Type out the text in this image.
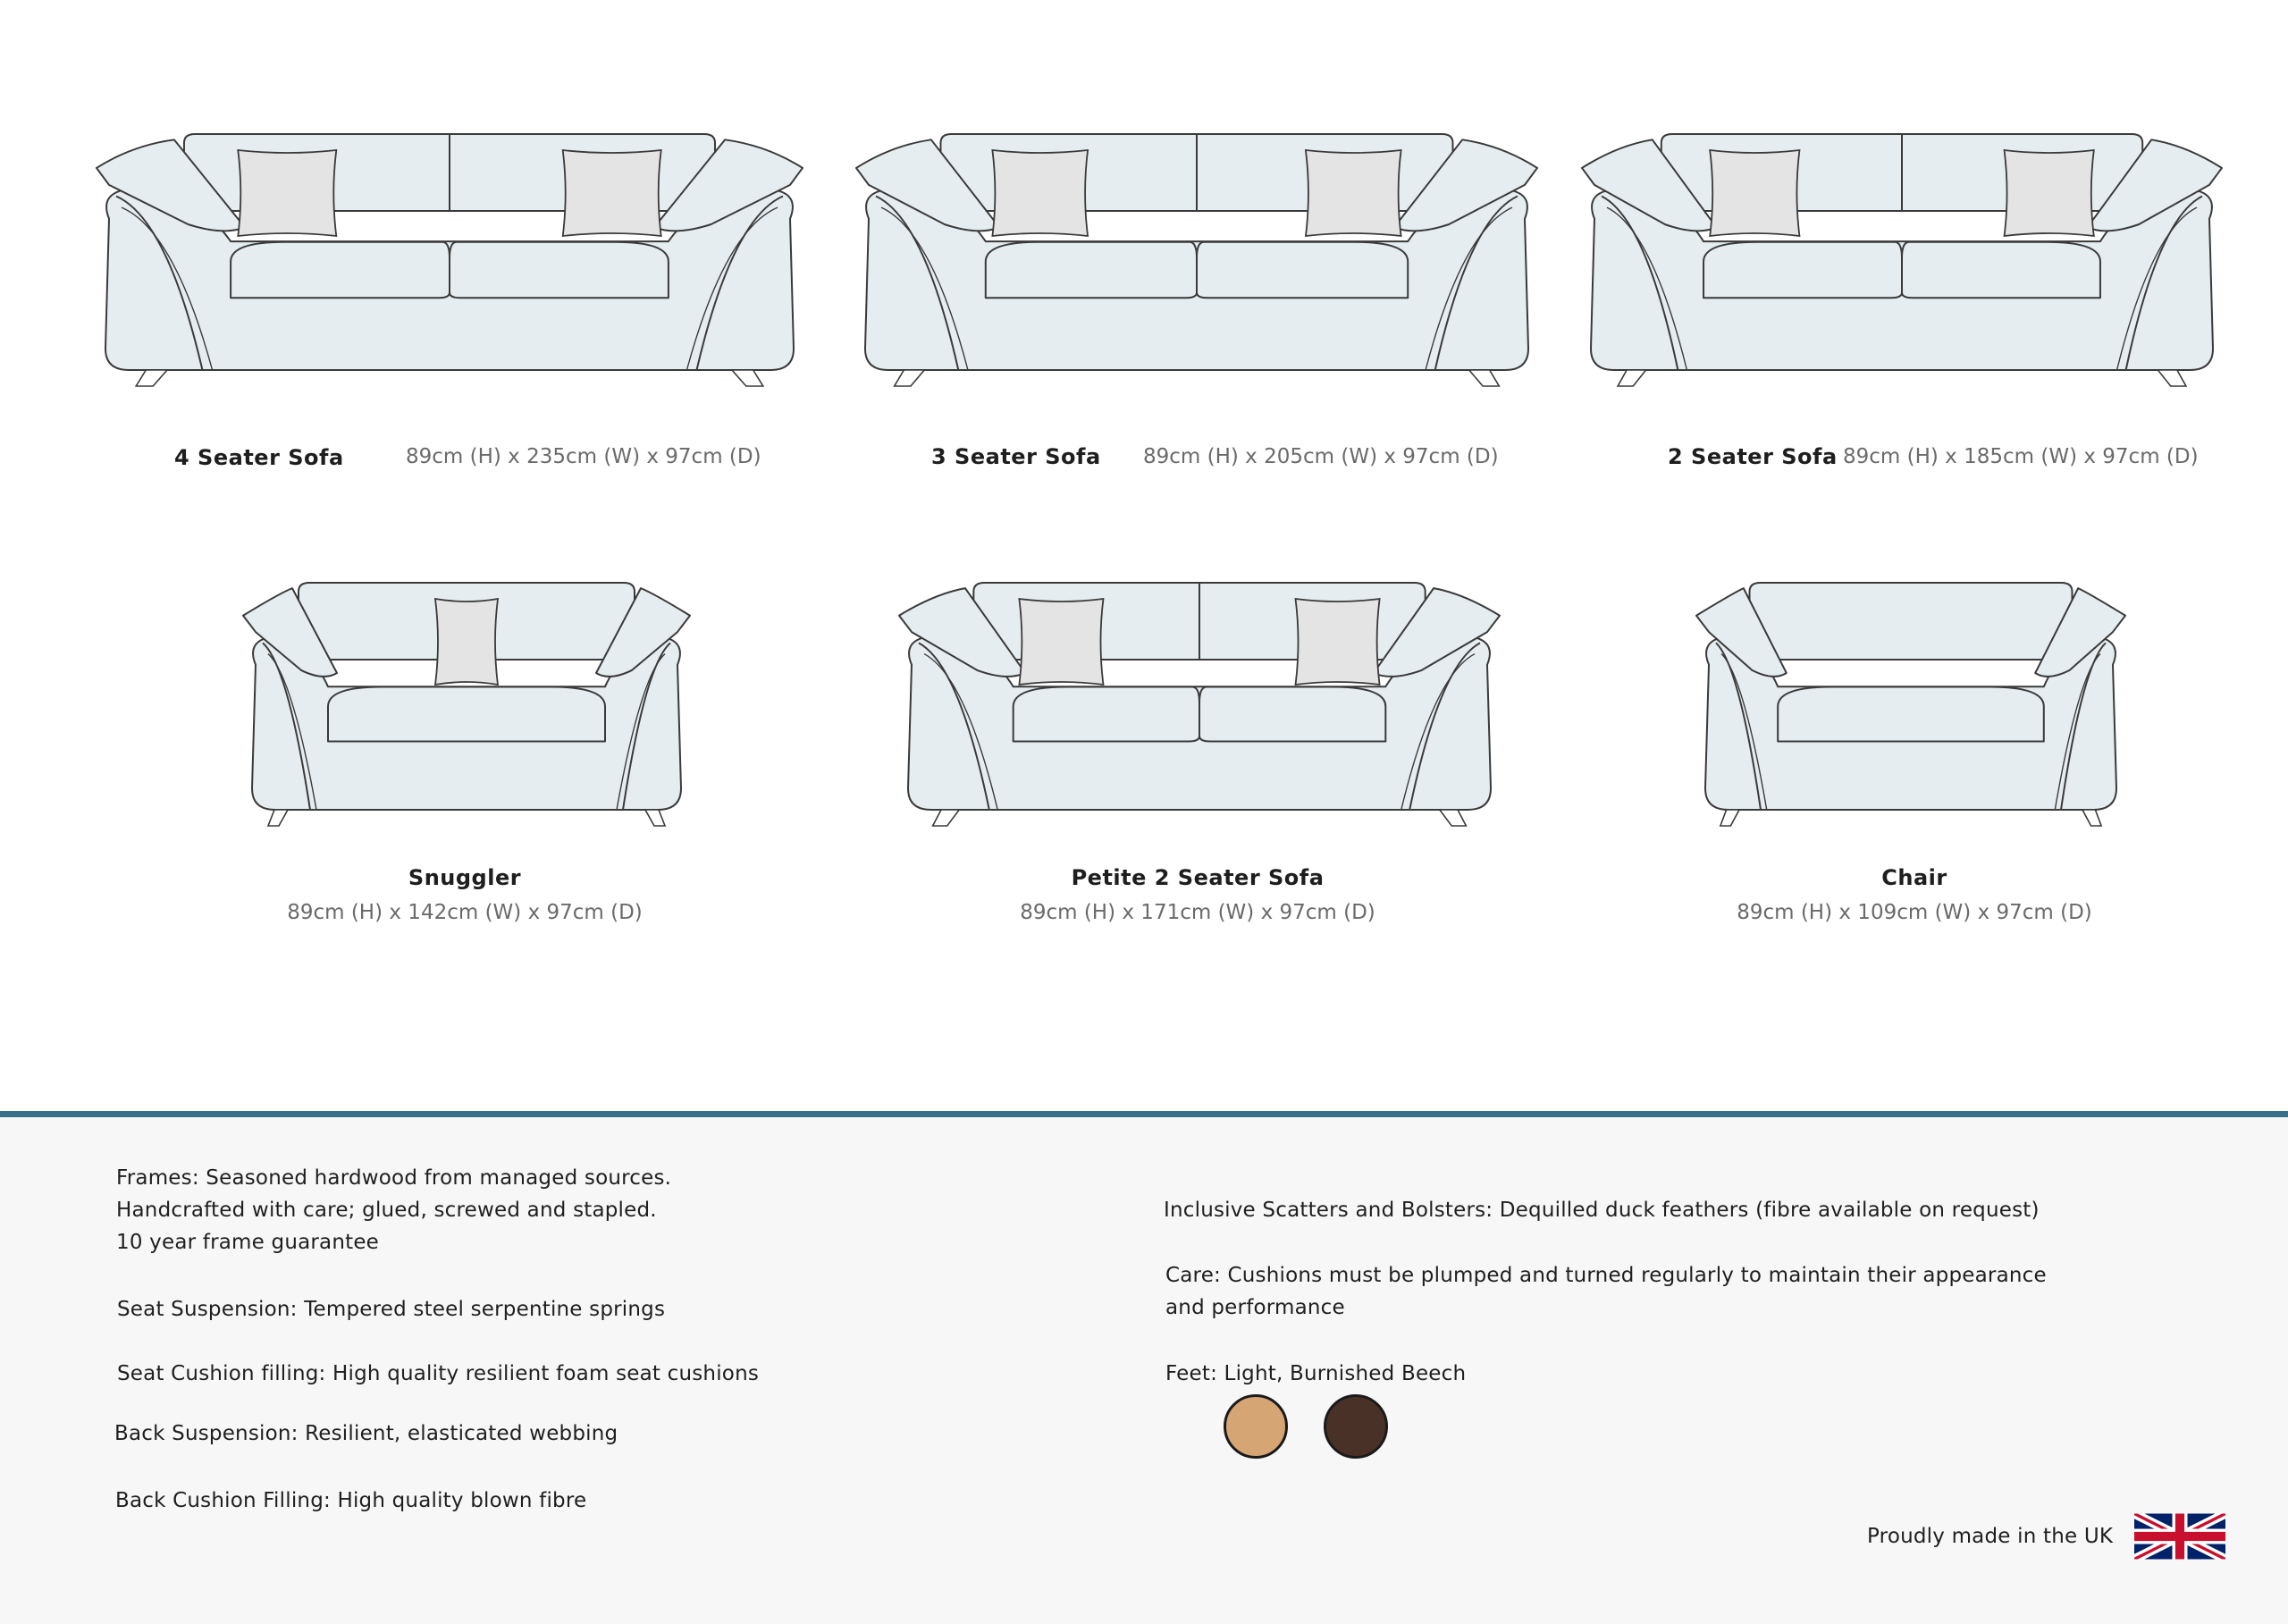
4 Seater Sofa	89cm (H) x 235cm (W) x 97cm (D)	3 Seater Sofa 89cm (H) x 205cm (W) x 97cm (D)	2 Seater Sofa 89cm (H) x 185cm (W) x 97cm (D)
Snuggler
89cm (H) x 142cm (W) x 97cm (D)
Petite 2 Seater Sofa
89cm (H) x 171cm (W) x 97cm (D)
Chair
89cm (H) x 109cm (W) x 97cm (D)
Frames: Seasoned hardwood from managed sources.
Handcrafted with care; glued, screwed and stapled.
10 year frame guarantee
Seat Suspension: Tempered steel serpentine springs
Seat Cushion filling: High quality resilient foam seat cushions
Back Suspension: Resilient, elasticated webbing
Back Cushion Filling: High quality blown fibre
Inclusive Scatters and Bolsters: Dequilled duck feathers (fibre available on request)
Care: Cushions must be plumped and turned regularly to maintain their appearance
and performance
Feet: Light, Burnished Beech
Proudly made in the UK
